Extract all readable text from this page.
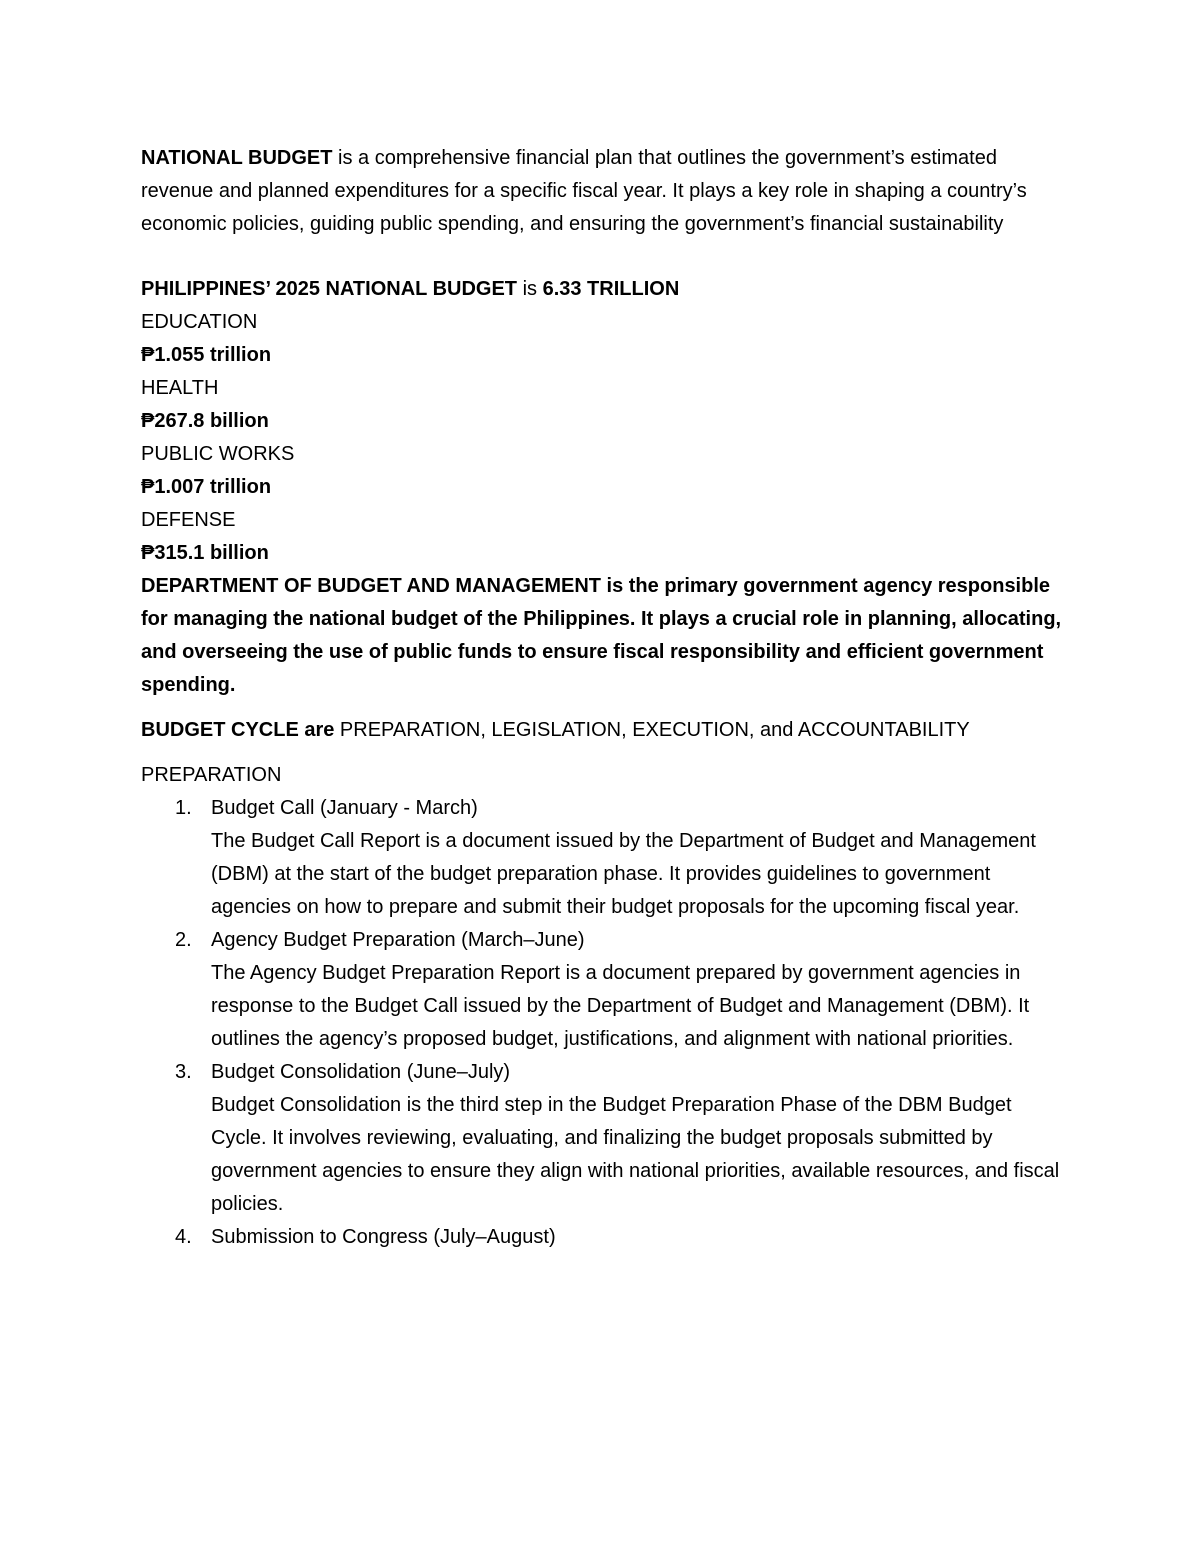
NATIONAL BUDGET is a comprehensive financial plan that outlines the government’s estimated revenue and planned expenditures for a specific fiscal year. It plays a key role in shaping a country’s economic policies, guiding public spending, and ensuring the government’s financial sustainability

PHILIPPINES’ 2025 NATIONAL BUDGET is 6.33 TRILLION

EDUCATION

₱1.055 trillion

HEALTH

₱267.8 billion

PUBLIC WORKS

₱1.007 trillion

DEFENSE

₱315.1 billion

DEPARTMENT OF BUDGET AND MANAGEMENT is the primary government agency responsible for managing the national budget of the Philippines. It plays a crucial role in planning, allocating, and overseeing the use of public funds to ensure fiscal responsibility and efficient government spending.

BUDGET CYCLE are PREPARATION, LEGISLATION, EXECUTION, and ACCOUNTABILITY

PREPARATION

1. Budget Call (January - March)
The Budget Call Report is a document issued by the Department of Budget and Management (DBM) at the start of the budget preparation phase. It provides guidelines to government agencies on how to prepare and submit their budget proposals for the upcoming fiscal year.
2. Agency Budget Preparation (March–June)
The Agency Budget Preparation Report is a document prepared by government agencies in response to the Budget Call issued by the Department of Budget and Management (DBM). It outlines the agency’s proposed budget, justifications, and alignment with national priorities.
3. Budget Consolidation (June–July)
Budget Consolidation is the third step in the Budget Preparation Phase of the DBM Budget Cycle. It involves reviewing, evaluating, and finalizing the budget proposals submitted by government agencies to ensure they align with national priorities, available resources, and fiscal policies.
4. Submission to Congress (July–August)
